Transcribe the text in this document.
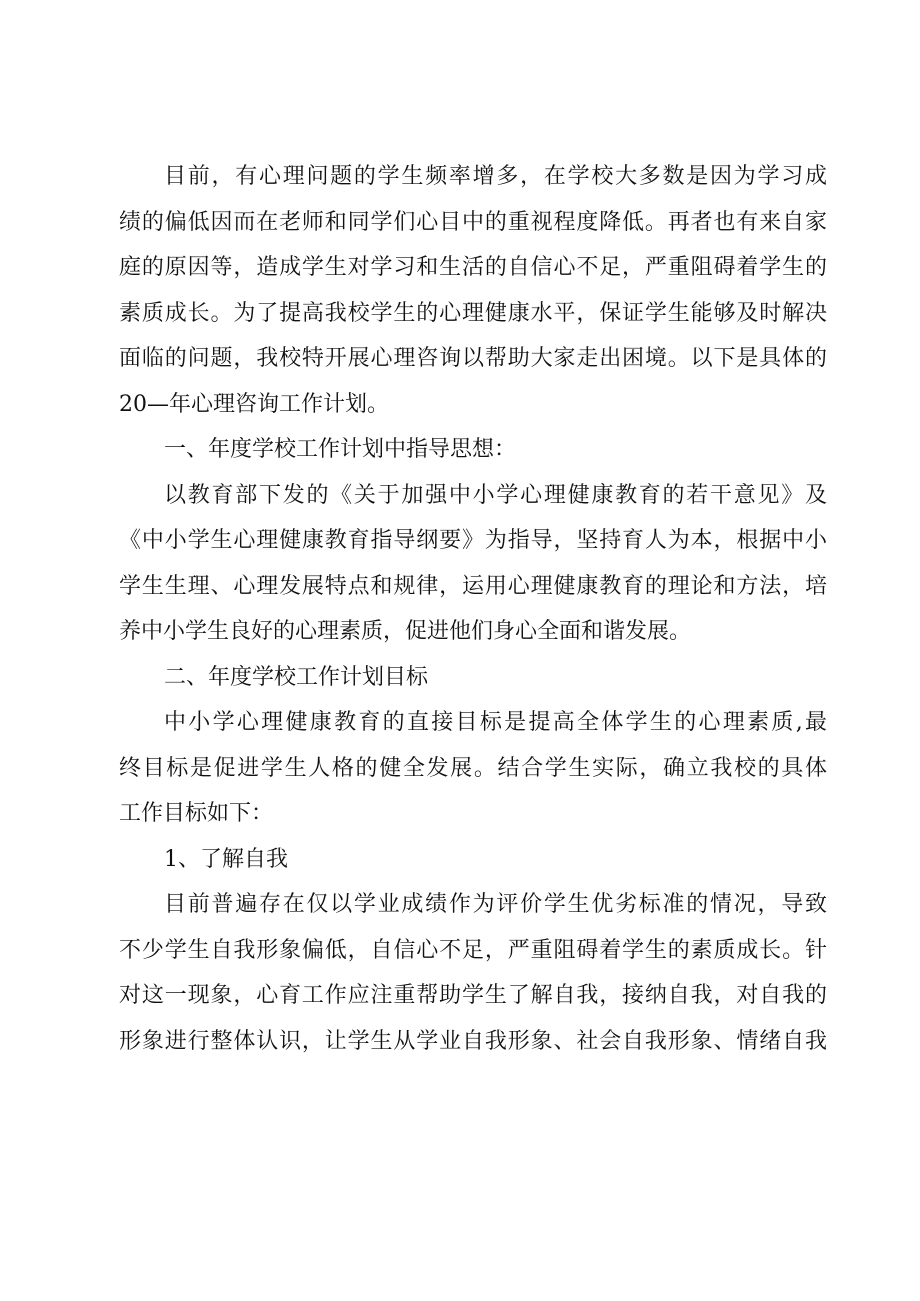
目前，有心理问题的学生频率增多，在学校大多数是因为学习成
绩的偏低因而在老师和同学们心目中的重视程度降低。再者也有来自家
庭的原因等，造成学生对学习和生活的自信心不足，严重阻碍着学生的
素质成长。为了提高我校学生的心理健康水平，保证学生能够及时解决
面临的问题，我校特开展心理咨询以帮助大家走出困境。以下是具体的
20—年心理咨询工作计划。
一、年度学校工作计划中指导思想：
以教育部下发的《关于加强中小学心理健康教育的若干意见》及
《中小学生心理健康教育指导纲要》为指导，坚持育人为本，根据中小
学生生理、心理发展特点和规律，运用心理健康教育的理论和方法，培
养中小学生良好的心理素质，促进他们身心全面和谐发展。
二、年度学校工作计划目标
中小学心理健康教育的直接目标是提高全体学生的心理素质,最
终目标是促进学生人格的健全发展。结合学生实际，确立我校的具体
工作目标如下：
1、了解自我
目前普遍存在仅以学业成绩作为评价学生优劣标准的情况，导致
不少学生自我形象偏低，自信心不足，严重阻碍着学生的素质成长。针
对这一现象，心育工作应注重帮助学生了解自我，接纳自我，对自我的
形象进行整体认识，让学生从学业自我形象、社会自我形象、情绪自我
